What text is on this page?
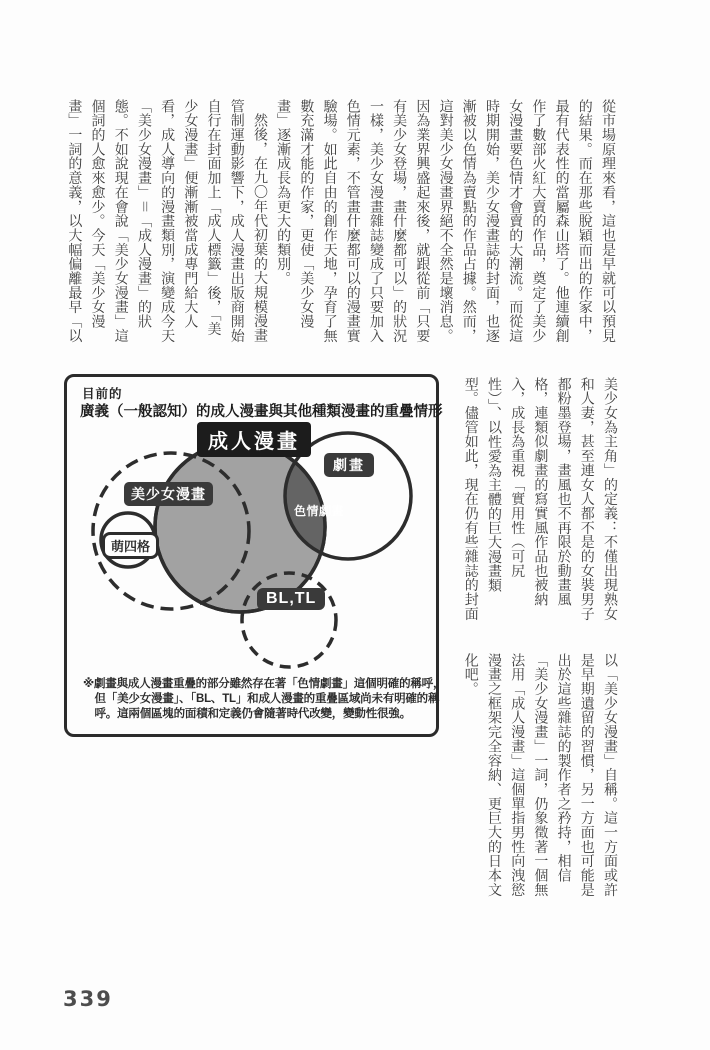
從市場原理來看，這也是早就可以預見的結果。而在那些脫穎而出的作家中，最有代表性的當屬森山塔了。他連續創作了數部火紅大賣的作品，奠定了美少女漫畫要色情才會賣的大潮流。而從這時期開始，美少女漫畫誌的封面，也逐漸被以色情為賣點的作品占據。然而，這對美少女漫畫界絕不全然是壞消息。因為業界興盛起來後，就跟從前「只要有美少女登場，畫什麼都可以」的狀況一樣，美少女漫畫雜誌變成了只要加入色情元素，不管畫什麼都可以的漫畫實驗場。如此自由的創作天地，孕育了無數充滿才能的作家，更使「美少女漫畫」逐漸成長為更大的類別。

然後，在九〇年代初葉的大規模漫畫管制運動影響下，成人漫畫出版商開始自行在封面加上「成人標籤」後，「美少女漫畫」便漸漸被當成專門給大人看，成人導向的漫畫類別，演變成今天「美少女漫畫」＝「成人漫畫」的狀態。不如說現在會說「美少女漫畫」這個詞的人愈來愈少。今天「美少女漫畫」一詞的意義，以大幅偏離最早「以

美少女為主角」的定義：不僅出現熟女和人妻，甚至連女人都不是的女裝男子都粉墨登場，畫風也不再限於動畫風格，連類似劇畫的寫實風作品也被納入，成長為重視「實用性（可尻性）」、以性愛為主體的巨大漫畫類型。儘管如此，現在仍有些雜誌的封面

以「美少女漫畫」自稱。這一方面或許是早期遺留的習慣，另一方面也可能是出於這些雜誌的製作者之矜持，相信「美少女漫畫」一詞，仍象徵著一個無法用「成人漫畫」這個單指男性向洩慾漫畫之框架完全容納、更巨大的日本文化吧。

目前的
廣義（一般認知）的成人漫畫與其他種類漫畫的重疊情形
成人漫畫
劇畫
美少女漫畫
色情劇畫
萌四格
BL,TL

※劇畫與成人漫畫重疊的部分雖然存在著「色情劇畫」這個明確的稱呼，但「美少女漫畫」、「BL、TL」和成人漫畫的重疊區域尚未有明確的稱呼。這兩個區塊的面積和定義仍會隨著時代改變，變動性很強。

339
